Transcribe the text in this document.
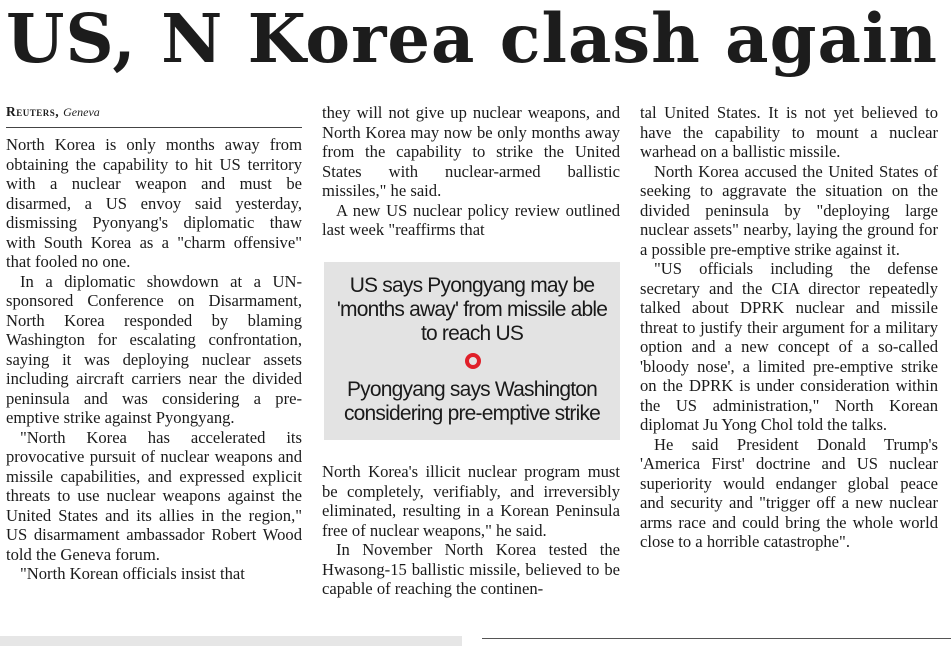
US, N Korea clash again
Reuters, Geneva

North Korea is only months away from obtaining the capability to hit US territory with a nuclear weapon and must be disarmed, a US envoy said yesterday, dismissing Pyonyang's diplomatic thaw with South Korea as a "charm offensive" that fooled no one.

In a diplomatic showdown at a UN-sponsored Conference on Disarmament, North Korea responded by blaming Washington for escalating confrontation, saying it was deploying nuclear assets including aircraft carriers near the divided peninsula and was considering a pre-emptive strike against Pyongyang.

"North Korea has accelerated its provocative pursuit of nuclear weapons and missile capabilities, and expressed explicit threats to use nuclear weapons against the United States and its allies in the region," US disarmament ambassador Robert Wood told the Geneva forum.

"North Korean officials insist that

they will not give up nuclear weapons, and North Korea may now be only months away from the capability to strike the United States with nuclear-armed ballistic missiles," he said.

A new US nuclear policy review outlined last week "reaffirms that

US says Pyongyang may be 'months away' from missile able to reach US
Pyongyang says Washington considering pre-emptive strike

North Korea's illicit nuclear program must be completely, verifiably, and irreversibly eliminated, resulting in a Korean Peninsula free of nuclear weapons," he said.

In November North Korea tested the Hwasong-15 ballistic missile, believed to be capable of reaching the continen-

tal United States. It is not yet believed to have the capability to mount a nuclear warhead on a ballistic missile.

North Korea accused the United States of seeking to aggravate the situation on the divided peninsula by "deploying large nuclear assets" nearby, laying the ground for a possible pre-emptive strike against it.

"US officials including the defense secretary and the CIA director repeatedly talked about DPRK nuclear and missile threat to justify their argument for a military option and a new concept of a so-called 'bloody nose', a limited pre-emptive strike on the DPRK is under consideration within the US administration," North Korean diplomat Ju Yong Chol told the talks.

He said President Donald Trump's 'America First' doctrine and US nuclear superiority would endanger global peace and security and "trigger off a new nuclear arms race and could bring the whole world close to a horrible catastrophe".
